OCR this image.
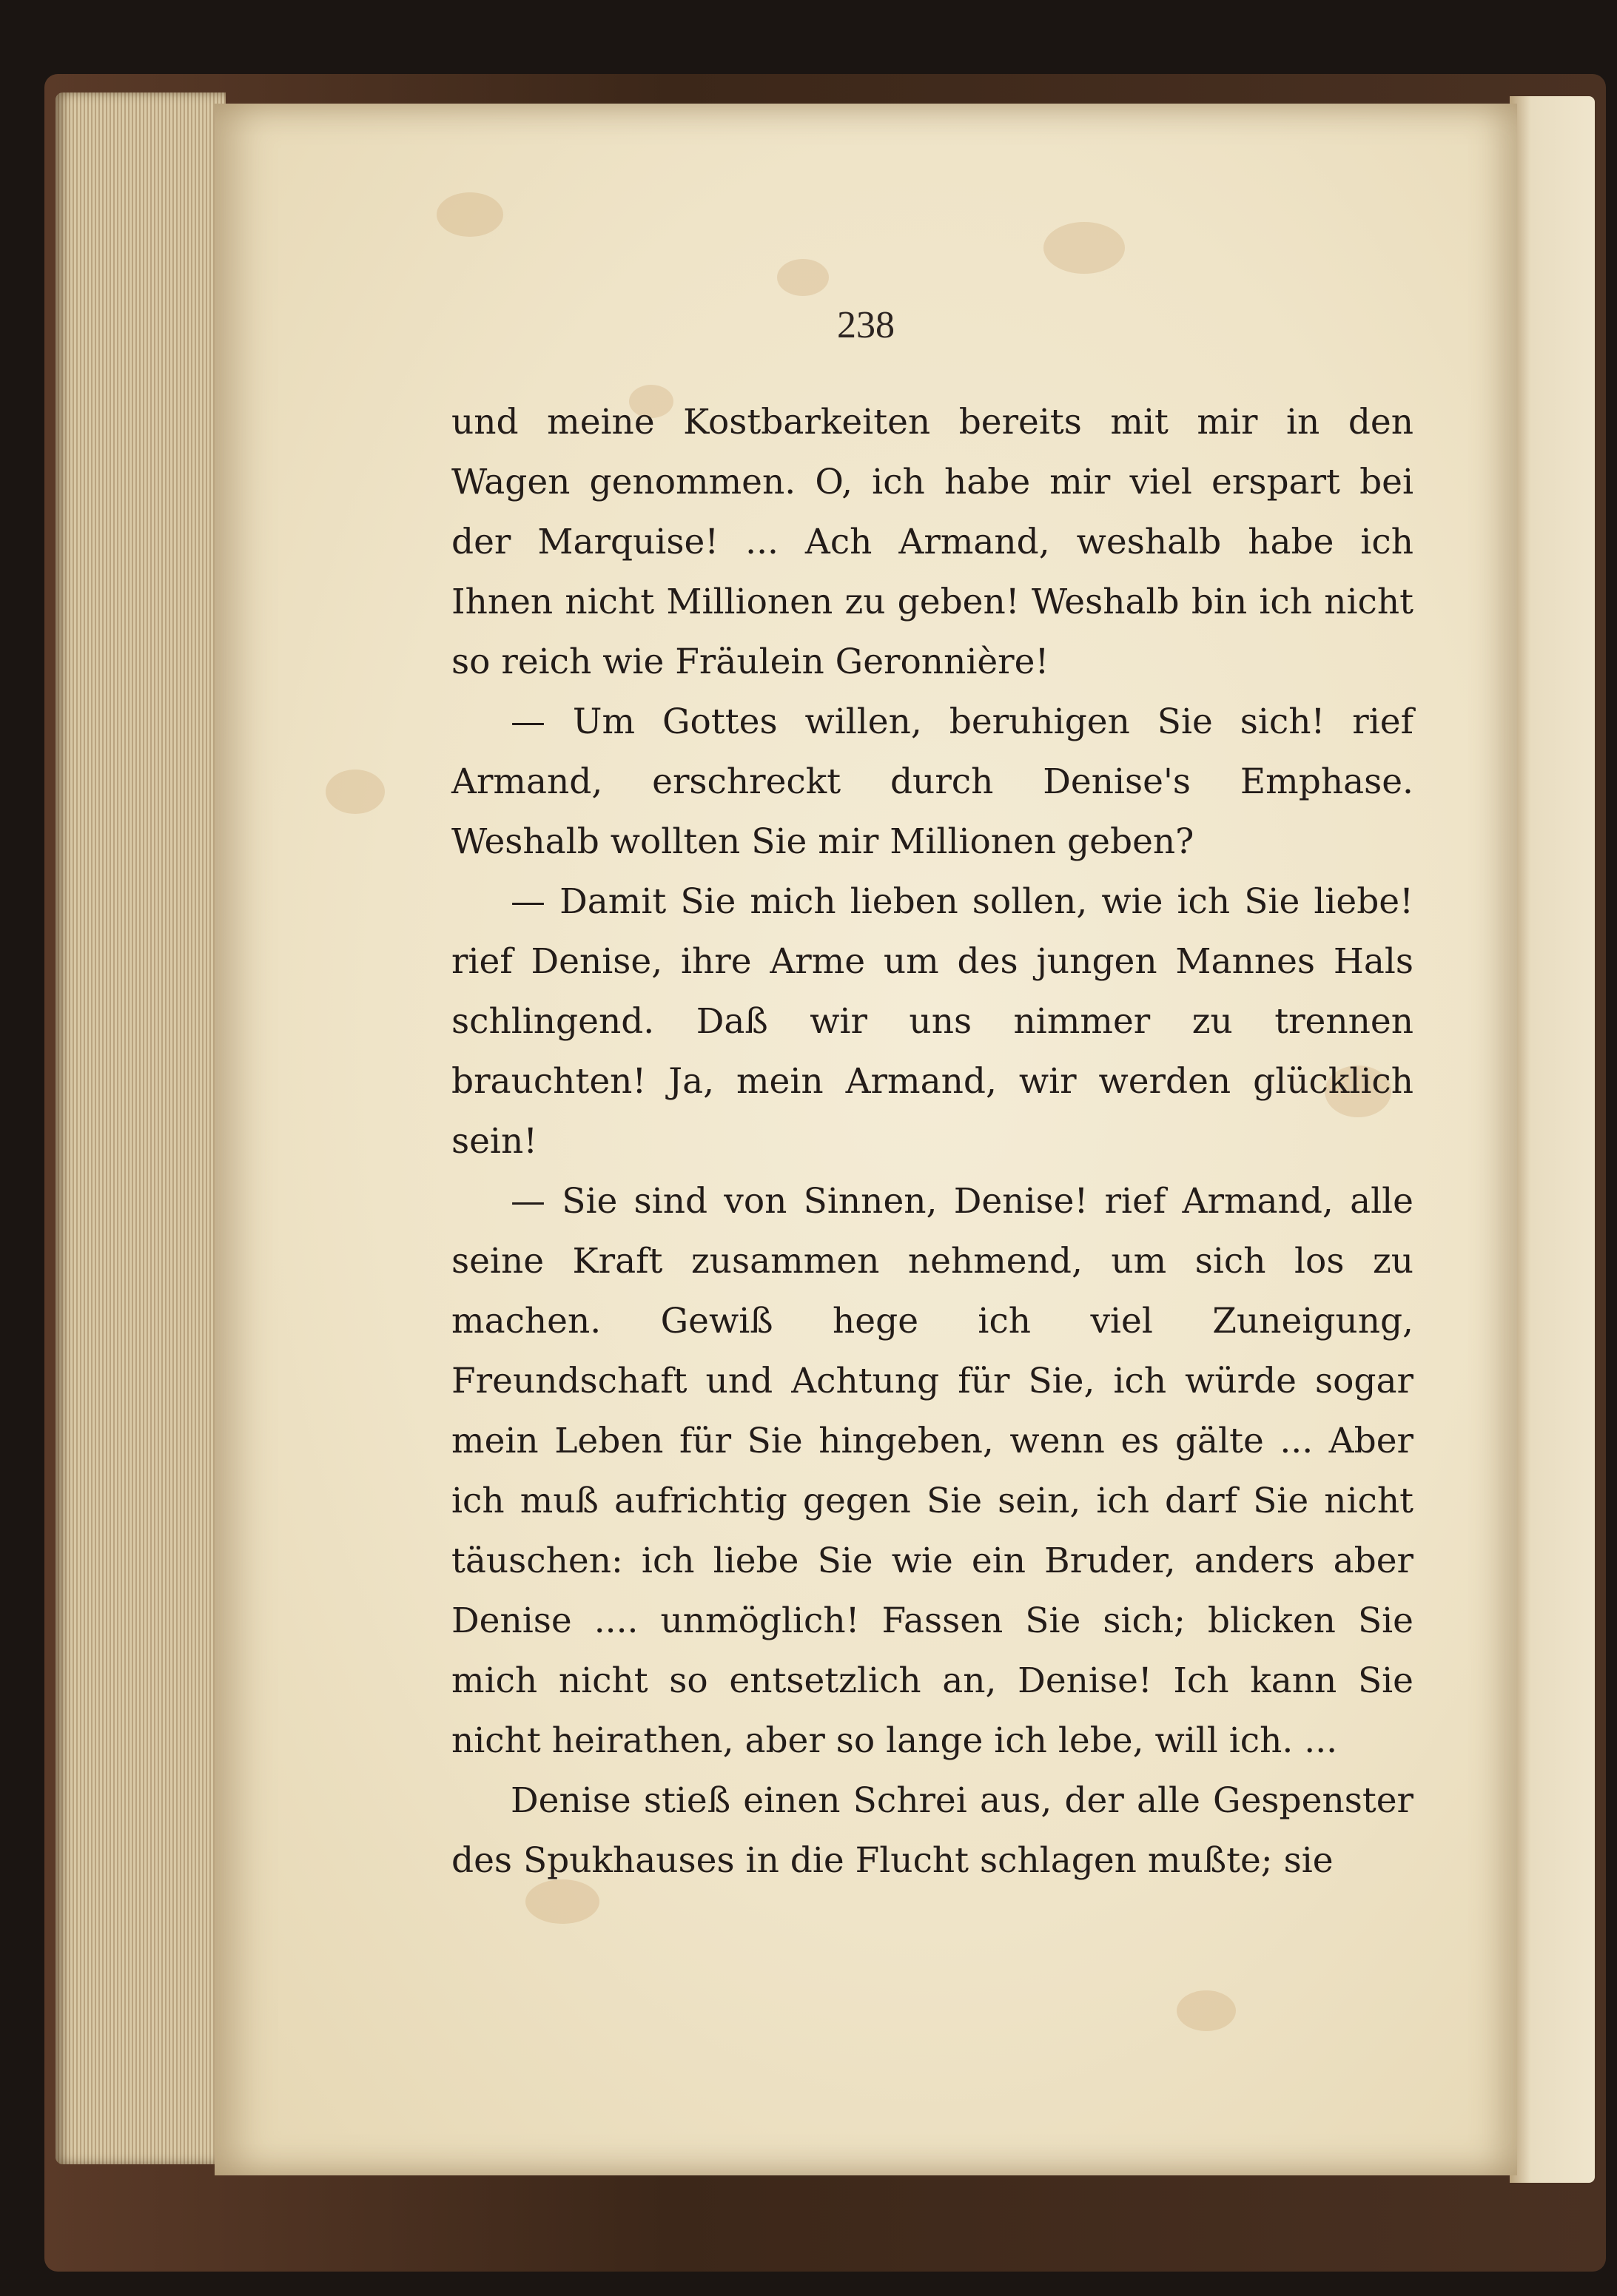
238

und meine Kostbarkeiten bereits mit mir in den Wagen genommen. O, ich habe mir viel erspart bei der Marquise! ... Ach Armand, weshalb habe ich Ihnen nicht Millionen zu geben! Weshalb bin ich nicht so reich wie Fräulein Geronnière!

— Um Gottes willen, beruhigen Sie sich! rief Armand, erschreckt durch Denise's Emphase. Weshalb wollten Sie mir Millionen geben?

— Damit Sie mich lieben sollen, wie ich Sie liebe! rief Denise, ihre Arme um des jungen Mannes Hals schlingend. Daß wir uns nimmer zu trennen brauchten! Ja, mein Armand, wir werden glücklich sein!

— Sie sind von Sinnen, Denise! rief Armand, alle seine Kraft zusammen nehmend, um sich los zu machen. Gewiß hege ich viel Zuneigung, Freundschaft und Achtung für Sie, ich würde sogar mein Leben für Sie hingeben, wenn es gälte ... Aber ich muß aufrichtig gegen Sie sein, ich darf Sie nicht täuschen: ich liebe Sie wie ein Bruder, anders aber Denise .... unmöglich! Fassen Sie sich; blicken Sie mich nicht so entsetzlich an, Denise! Ich kann Sie nicht heirathen, aber so lange ich lebe, will ich. ...

Denise stieß einen Schrei aus, der alle Gespenster des Spukhauses in die Flucht schlagen mußte; sie
